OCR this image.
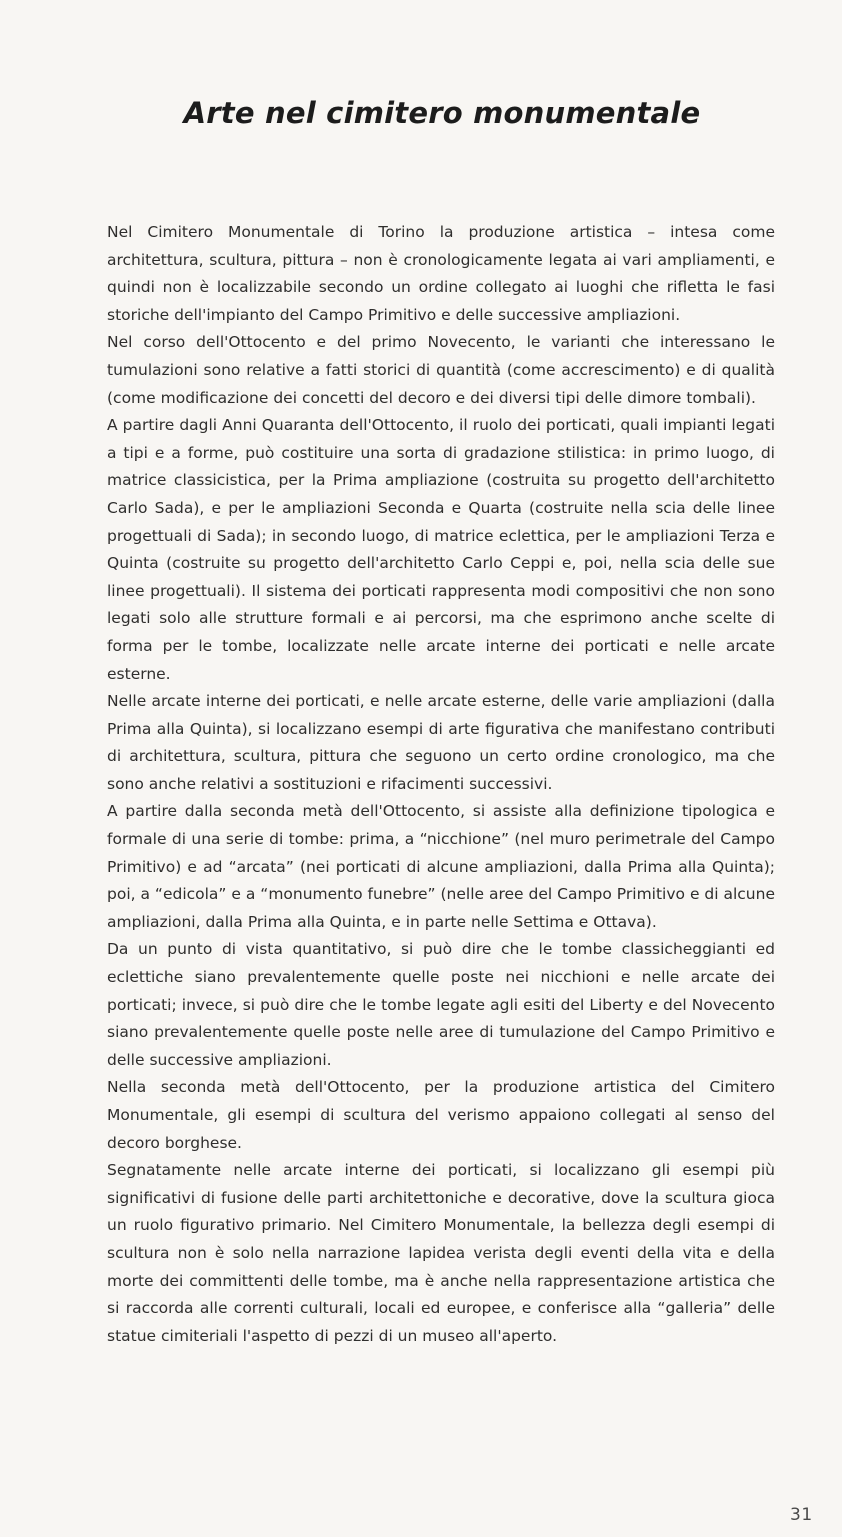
Arte nel cimitero monumentale

Nel Cimitero Monumentale di Torino la produzione artistica – intesa come architettura, scultura, pittura – non è cronologicamente legata ai vari ampliamenti, e quindi non è localizzabile secondo un ordine collegato ai luoghi che rifletta le fasi storiche dell'impianto del Campo Primitivo e delle successive ampliazioni.

Nel corso dell'Ottocento e del primo Novecento, le varianti che interessano le tumulazioni sono relative a fatti storici di quantità (come accrescimento) e di qualità (come modificazione dei concetti del decoro e dei diversi tipi delle dimore tombali).

A partire dagli Anni Quaranta dell'Ottocento, il ruolo dei porticati, quali impianti legati a tipi e a forme, può costituire una sorta di gradazione stilistica: in primo luogo, di matrice classicistica, per la Prima ampliazione (costruita su progetto dell'architetto Carlo Sada), e per le ampliazioni Seconda e Quarta (costruite nella scia delle linee progettuali di Sada); in secondo luogo, di matrice eclettica, per le ampliazioni Terza e Quinta (costruite su progetto dell'architetto Carlo Ceppi e, poi, nella scia delle sue linee progettuali). Il sistema dei porticati rappresenta modi compositivi che non sono legati solo alle strutture formali e ai percorsi, ma che esprimono anche scelte di forma per le tombe, localizzate nelle arcate interne dei porticati e nelle arcate esterne.

Nelle arcate interne dei porticati, e nelle arcate esterne, delle varie ampliazioni (dalla Prima alla Quinta), si localizzano esempi di arte figurativa che manifestano contributi di architettura, scultura, pittura che seguono un certo ordine cronologico, ma che sono anche relativi a sostituzioni e rifacimenti successivi.

A partire dalla seconda metà dell'Ottocento, si assiste alla definizione tipologica e formale di una serie di tombe: prima, a “nicchione” (nel muro perimetrale del Campo Primitivo) e ad “arcata” (nei porticati di alcune ampliazioni, dalla Prima alla Quinta); poi, a “edicola” e a “monumento funebre” (nelle aree del Campo Primitivo e di alcune ampliazioni, dalla Prima alla Quinta, e in parte nelle Settima e Ottava).

Da un punto di vista quantitativo, si può dire che le tombe classicheggianti ed eclettiche siano prevalentemente quelle poste nei nicchioni e nelle arcate dei porticati; invece, si può dire che le tombe legate agli esiti del Liberty e del Novecento siano prevalentemente quelle poste nelle aree di tumulazione del Campo Primitivo e delle successive ampliazioni.

Nella seconda metà dell'Ottocento, per la produzione artistica del Cimitero Monumentale, gli esempi di scultura del verismo appaiono collegati al senso del decoro borghese.

Segnatamente nelle arcate interne dei porticati, si localizzano gli esempi più significativi di fusione delle parti architettoniche e decorative, dove la scultura gioca un ruolo figurativo primario. Nel Cimitero Monumentale, la bellezza degli esempi di scultura non è solo nella narrazione lapidea verista degli eventi della vita e della morte dei committenti delle tombe, ma è anche nella rappresentazione artistica che si raccorda alle correnti culturali, locali ed europee, e conferisce alla “galleria” delle statue cimiteriali l'aspetto di pezzi di un museo all'aperto.

31
